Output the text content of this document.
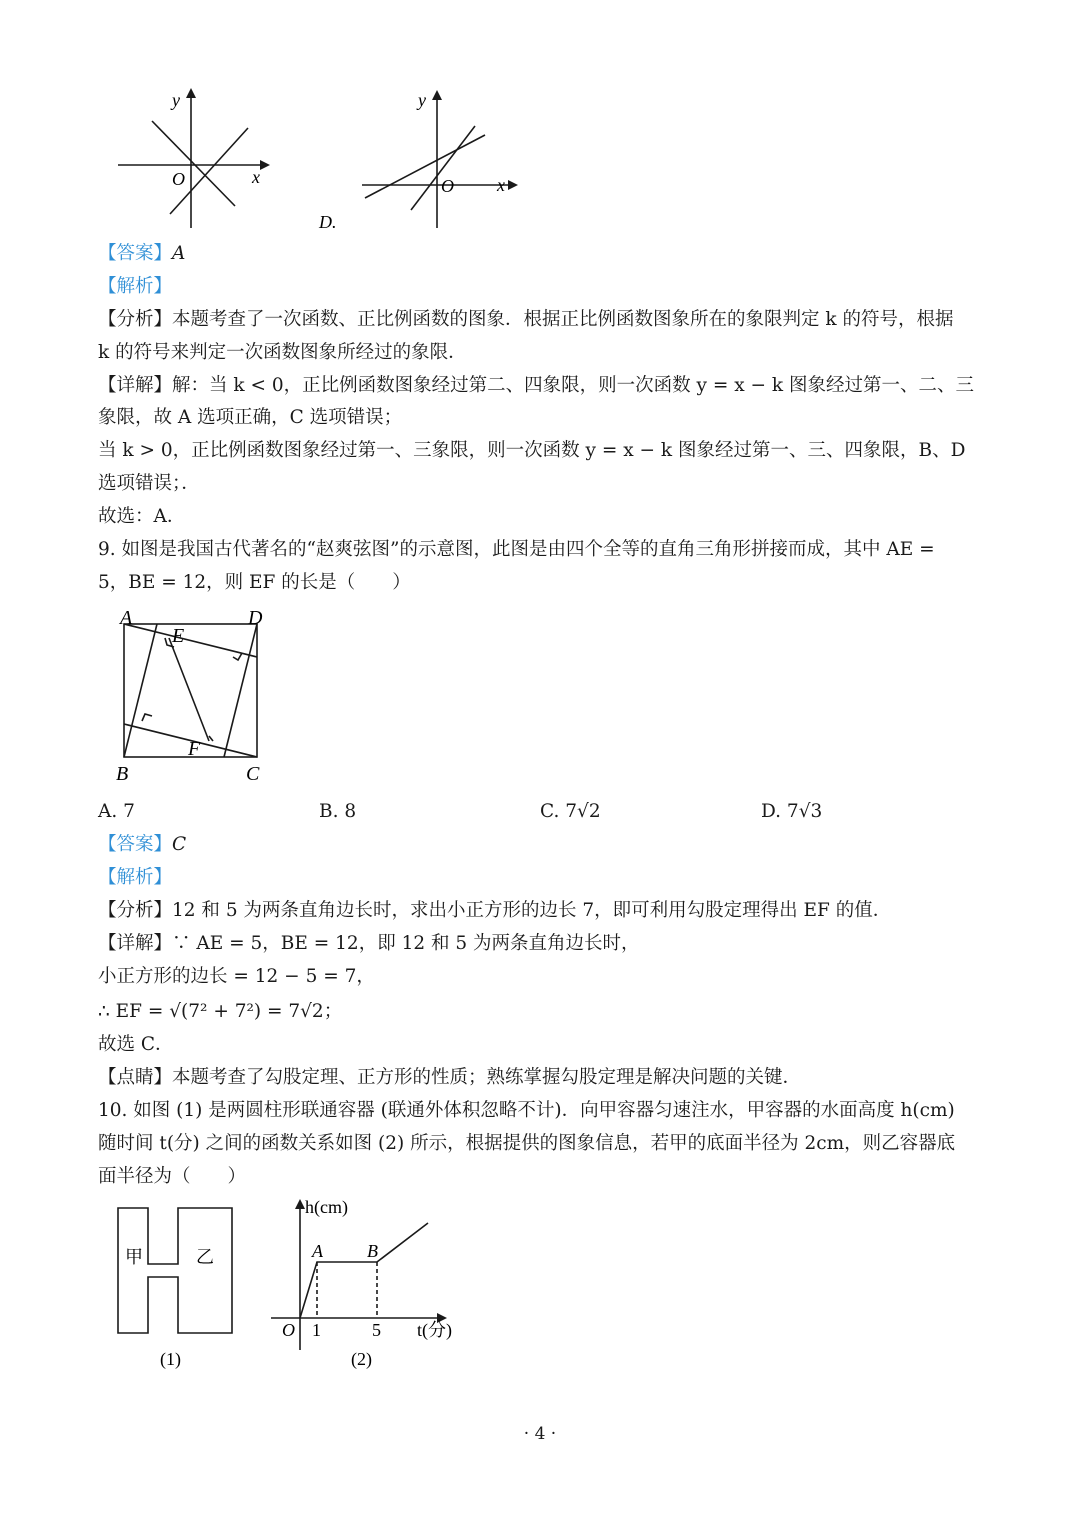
y
x
O
y
x
O
D.
【答案】A
【解析】
【分析】本题考查了一次函数、正比例函数的图象．根据正比例函数图象所在的象限判定 k 的符号，根据
k 的符号来判定一次函数图象所经过的象限．
【详解】解：当 k < 0，正比例函数图象经过第二、四象限，则一次函数 y = x − k 图象经过第一、二、三
象限，故 A 选项正确，C 选项错误；
当 k > 0，正比例函数图象经过第一、三象限，则一次函数 y = x − k 图象经过第一、三、四象限，B、D
选项错误；．
故选：A．
9. 如图是我国古代著名的“赵爽弦图”的示意图，此图是由四个全等的直角三角形拼接而成，其中 AE =
5，BE = 12，则 EF 的长是（　　）
A	D
E
F
B	C
A. 7	B. 8	C. 7√2	D. 7√3
【答案】C
【解析】
【分析】12 和 5 为两条直角边长时，求出小正方形的边长 7，即可利用勾股定理得出 EF 的值．
【详解】∵ AE = 5，BE = 12，即 12 和 5 为两条直角边长时，
小正方形的边长 = 12 − 5 = 7，
∴ EF = √(7² + 7²) = 7√2；
故选 C．
【点睛】本题考查了勾股定理、正方形的性质；熟练掌握勾股定理是解决问题的关键．
10. 如图 (1) 是两圆柱形联通容器 (联通外体积忽略不计)．向甲容器匀速注水，甲容器的水面高度 h(cm)
随时间 t(分) 之间的函数关系如图 (2) 所示，根据提供的图象信息，若甲的底面半径为 2cm，则乙容器底
面半径为（　　）
甲	乙
(1)
h(cm)
A B
O 1	5 t(分)
(2)
· 4 ·
